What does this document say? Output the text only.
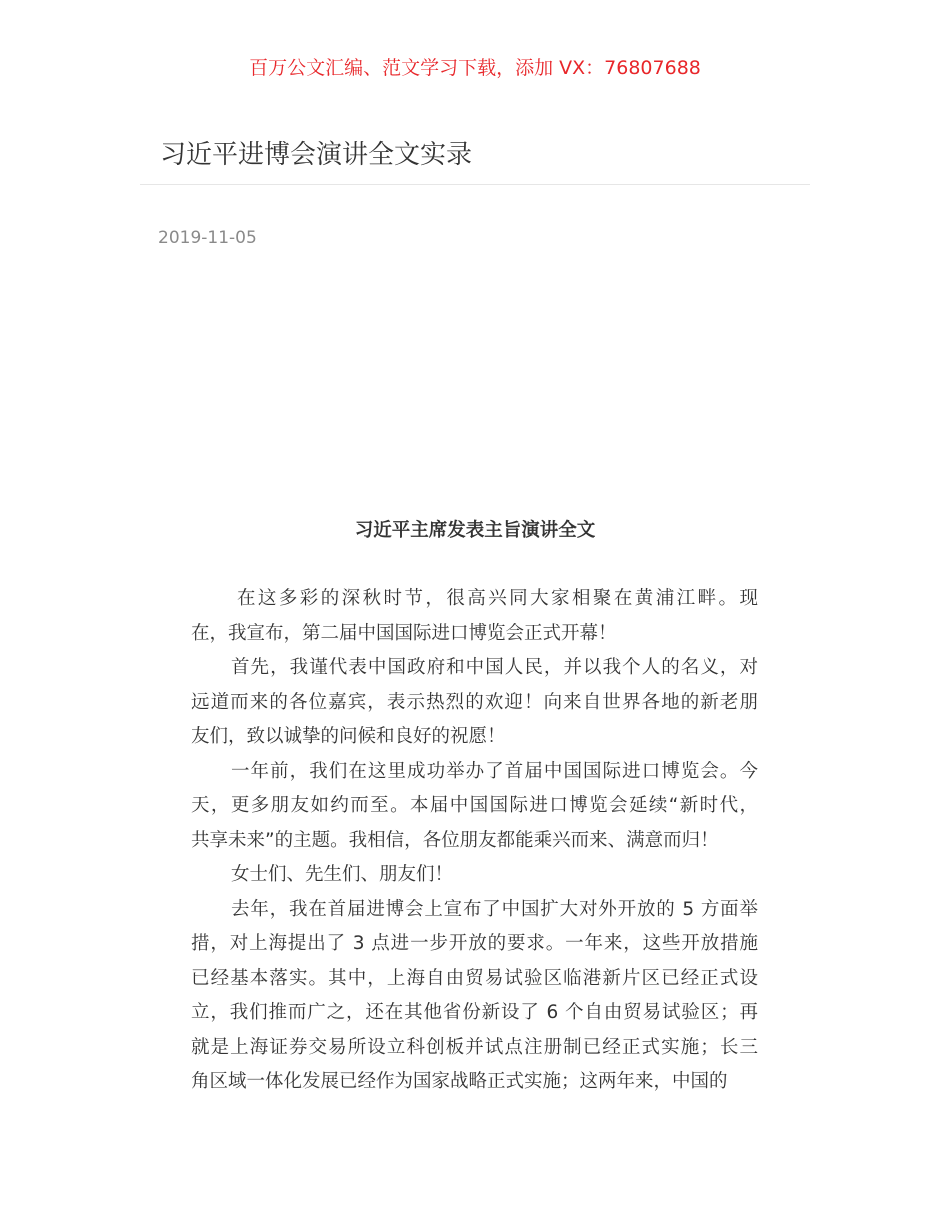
百万公文汇编、范文学习下载，添加 VX：76807688
习近平进博会演讲全文实录
2019-11-05
习近平主席发表主旨演讲全文
在这多彩的深秋时节，很高兴同大家相聚在黄浦江畔。现
在，我宣布，第二届中国国际进口博览会正式开幕！
首先，我谨代表中国政府和中国人民，并以我个人的名义，对
远道而来的各位嘉宾，表示热烈的欢迎！向来自世界各地的新老朋
友们，致以诚挚的问候和良好的祝愿！
一年前，我们在这里成功举办了首届中国国际进口博览会。今
天，更多朋友如约而至。本届中国国际进口博览会延续“新时代，
共享未来”的主题。我相信，各位朋友都能乘兴而来、满意而归！
女士们、先生们、朋友们！
去年，我在首届进博会上宣布了中国扩大对外开放的 5 方面举
措，对上海提出了 3 点进一步开放的要求。一年来，这些开放措施
已经基本落实。其中，上海自由贸易试验区临港新片区已经正式设
立，我们推而广之，还在其他省份新设了 6 个自由贸易试验区；再
就是上海证券交易所设立科创板并试点注册制已经正式实施；长三
角区域一体化发展已经作为国家战略正式实施；这两年来，中国的
